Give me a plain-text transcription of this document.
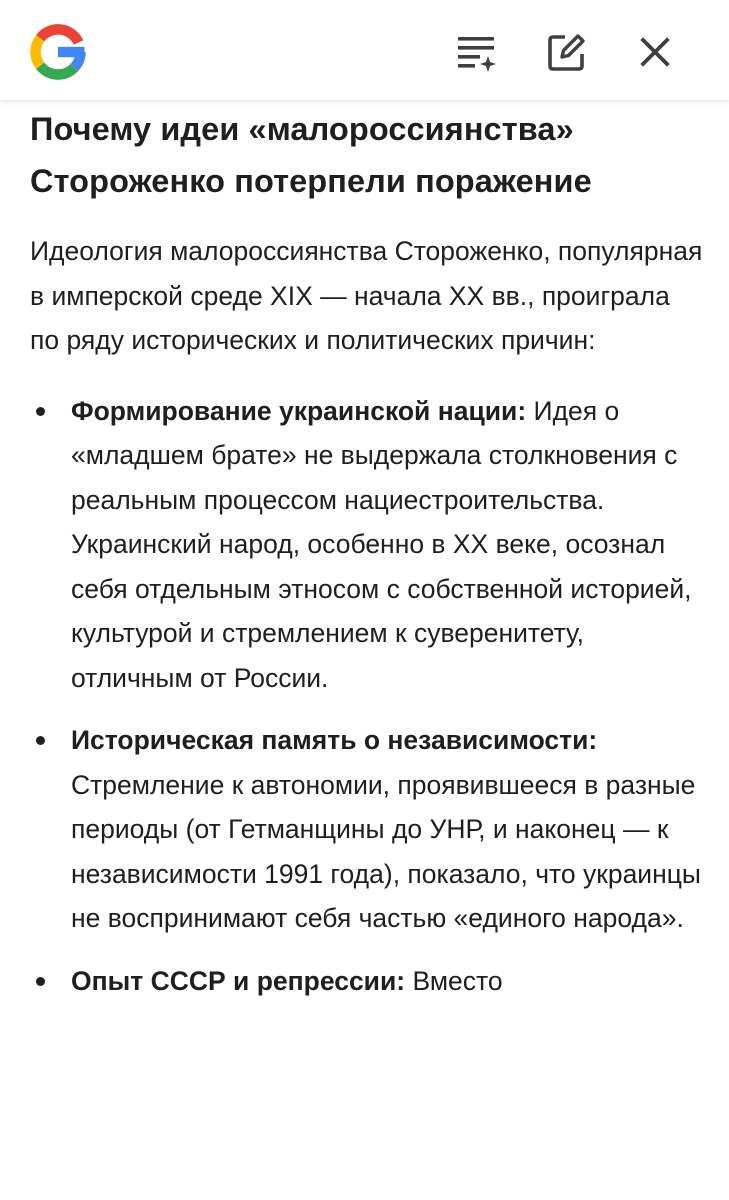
Почему идеи «малороссиянства» Стороженко потерпели поражение

Идеология малороссиянства Стороженко, популярная в имперской среде XIX — начала XX вв., проиграла по ряду исторических и политических причин:

Формирование украинской нации: Идея о «младшем брате» не выдержала столкновения с реальным процессом нациестроительства. Украинский народ, особенно в XX веке, осознал себя отдельным этносом с собственной историей, культурой и стремлением к суверенитету, отличным от России.
Историческая память о независимости: Стремление к автономии, проявившееся в разные периоды (от Гетманщины до УНР, и наконец — к независимости 1991 года), показало, что украинцы не воспринимают себя частью «единого народа».
Опыт СССР и репрессии: Вместо
